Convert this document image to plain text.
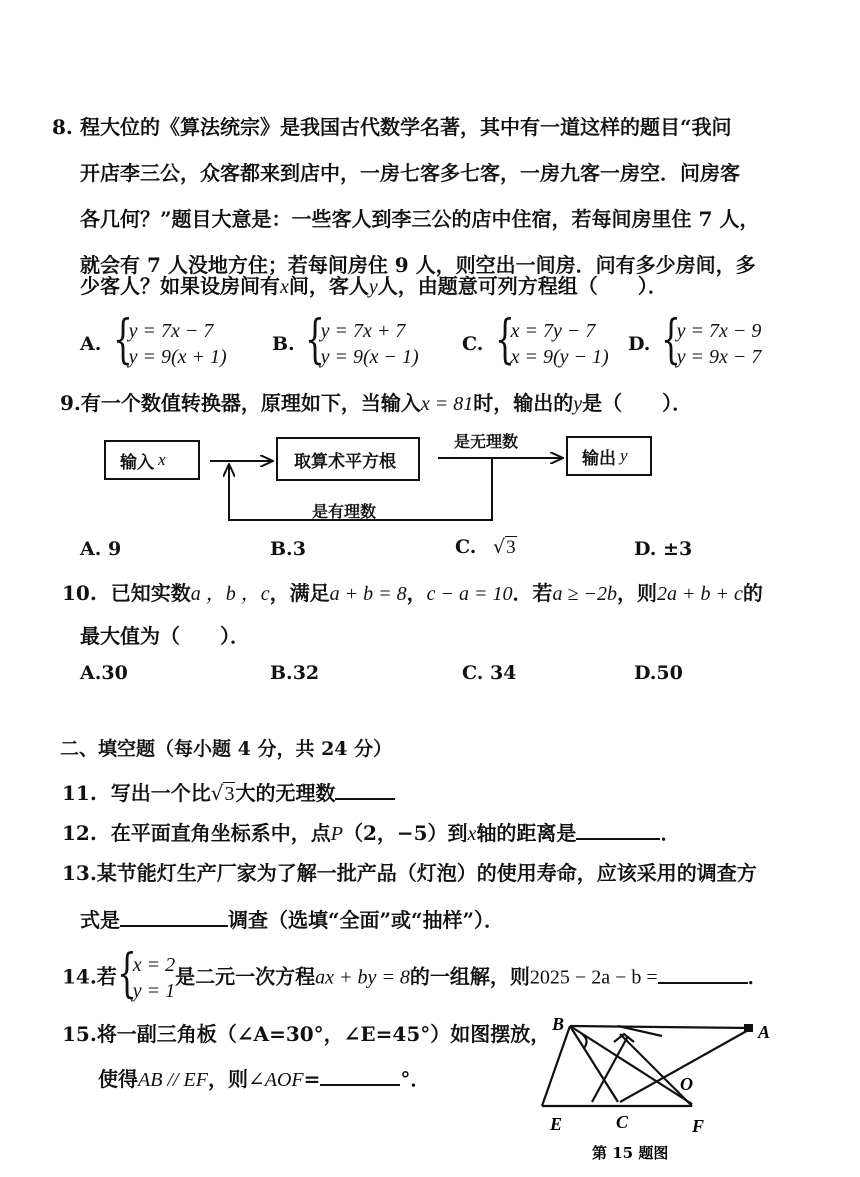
8. 程大位的《算法统宗》是我国古代数学名著，其中有一道这样的题目“我问
开店李三公，众客都来到店中，一房七客多七客，一房九客一房空．问房客
各几何？”题目大意是：一些客人到李三公的店中住宿，若每间房里住 7 人，
就会有 7 人没地方住；若每间房住 9 人，则空出一间房．问有多少房间，多
少客人？如果设房间有x间，客人y人，由题意可列方程组（　　）．
A. {
y = 7x − 7
y = 9(x + 1)
B. {
y = 7x + 7
y = 9(x − 1)
C. {
x = 7y − 7
x = 9(y − 1)
D. {
y = 7x − 9
y = 9x − 7
9.有一个数值转换器，原理如下，当输入x = 81时，输出的y是（　　）．
输入 x	取算术平方根	输出 y
是无理数
是有理数
A. 9	B.3	C. √3	D. ±3
10. 已知实数a ，b ，c，满足a + b = 8，c − a = 10．若a ≥ −2b，则2a + b + c的
最大值为（　　）．
A.30	B.32	C. 34	D.50
二、填空题（每小题 4 分，共 24 分）
11. 写出一个比√3大的无理数
12. 在平面直角坐标系中，点P（2，−5）到x轴的距离是	．
13.某节能灯生产厂家为了解一批产品（灯泡）的使用寿命，应该采用的调查方
式是	调查（选填“全面”或“抽样”）．
14.若 {
x = 2
y = 1
是二元一次方程ax + by = 8的一组解，则2025 − 2a − b =	．
15.将一副三角板（∠A=30°，∠E=45°）如图摆放，
使得AB // EF，则∠AOF=	°．
B	A
O
E	C	F
第 15 题图
